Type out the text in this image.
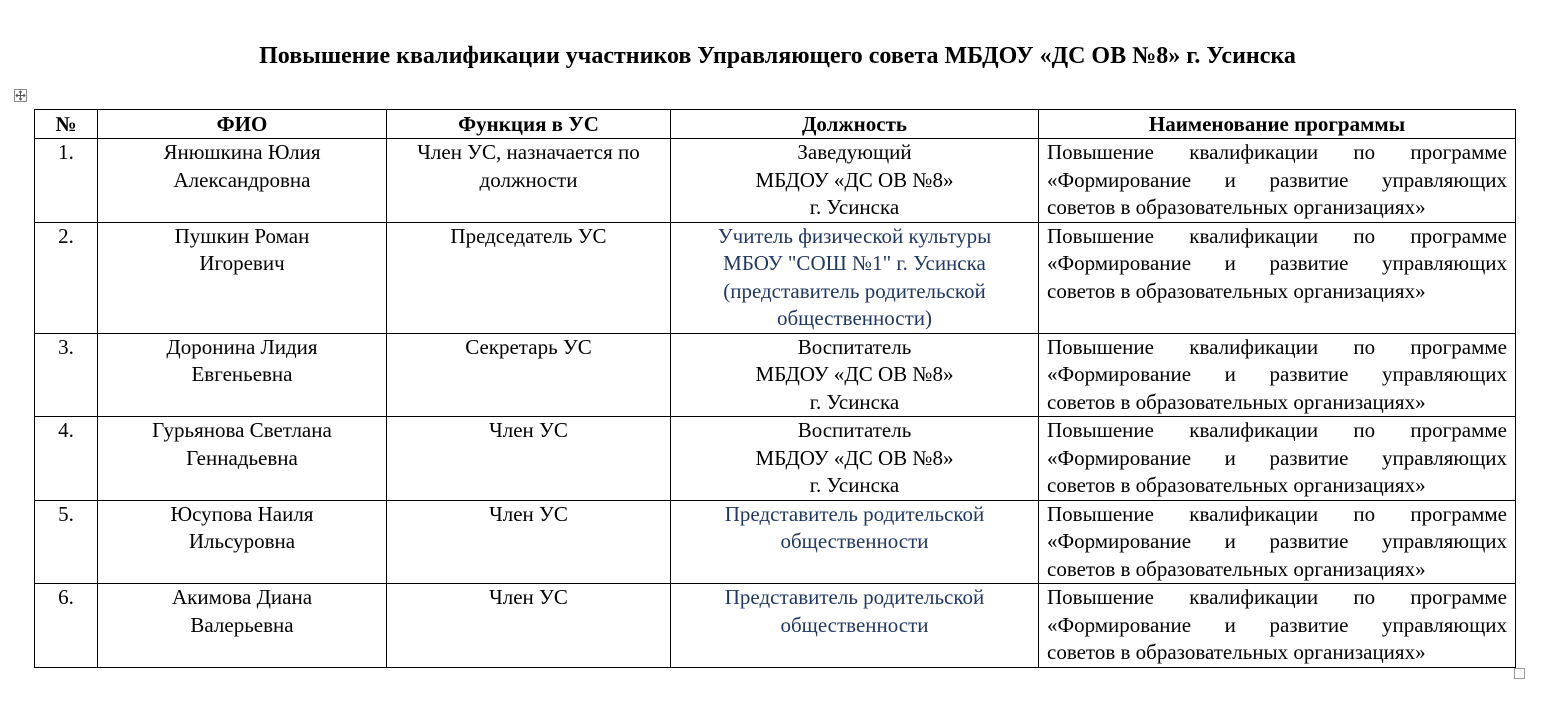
Повышение квалификации участников Управляющего совета МБДОУ «ДС ОВ №8» г. Усинска
№	ФИО	Функция в УС	Должность	Наименование программы
1.	Янюшкина Юлия
Александровна	Член УС, назначается по
должности	Заведующий
МБДОУ «ДС ОВ №8»
г. Усинска	Повышение квалификации по программе
«Формирование и развитие управляющих
советов в образовательных организациях»

2.	Пушкин Роман
Игоревич	Председатель УС	Учитель физической культуры
МБОУ "СОШ №1" г. Усинска
(представитель родительской
общественности)	Повышение квалификации по программе
«Формирование и развитие управляющих
советов в образовательных организациях»

3.	Доронина Лидия
Евгеньевна	Секретарь УС	Воспитатель
МБДОУ «ДС ОВ №8»
г. Усинска	Повышение квалификации по программе
«Формирование и развитие управляющих
советов в образовательных организациях»

4.	Гурьянова Светлана
Геннадьевна	Член УС	Воспитатель
МБДОУ «ДС ОВ №8»
г. Усинска	Повышение квалификации по программе
«Формирование и развитие управляющих
советов в образовательных организациях»

5.	Юсупова Наиля
Ильсуровна	Член УС	Представитель родительской
общественности	Повышение квалификации по программе
«Формирование и развитие управляющих
советов в образовательных организациях»

6.	Акимова Диана
Валерьевна	Член УС	Представитель родительской
общественности	Повышение квалификации по программе
«Формирование и развитие управляющих
советов в образовательных организациях»
